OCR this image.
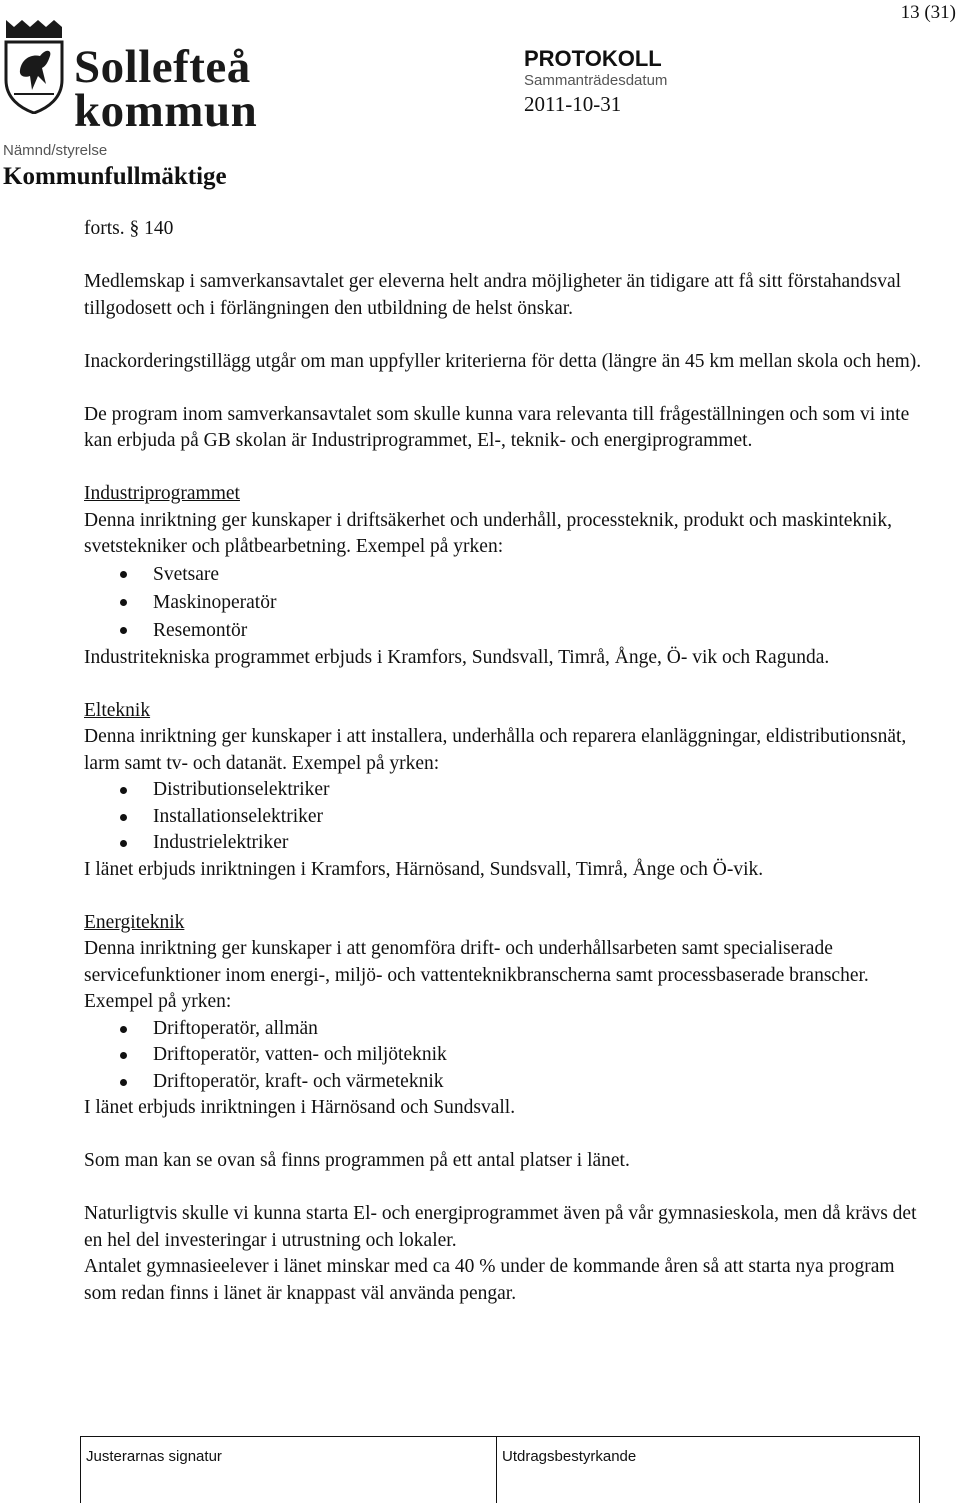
13 (31)
Sollefteå
kommun
PROTOKOLL
Sammanträdesdatum
2011-10-31
Nämnd/styrelse
Kommunfullmäktige

forts. § 140

Medlemskap i samverkansavtalet ger eleverna helt andra möjligheter än tidigare att få sitt förstahandsval tillgodosett och i förlängningen den utbildning de helst önskar.

Inackorderingstillägg utgår om man uppfyller kriterierna för detta (längre än 45 km mellan skola och hem).

De program inom samverkansavtalet som skulle kunna vara relevanta till frågeställningen och som vi inte kan erbjuda på GB skolan är Industriprogrammet, El-, teknik- och energiprogrammet.

Industriprogrammet

Denna inriktning ger kunskaper i driftsäkerhet och underhåll, processteknik, produkt och maskinteknik, svetstekniker och plåtbearbetning. Exempel på yrken:

Svetsare
Maskinoperatör
Resemontör

Industritekniska programmet erbjuds i Kramfors, Sundsvall, Timrå, Ånge, Ö- vik och Ragunda.

Elteknik

Denna inriktning ger kunskaper i att installera, underhålla och reparera elanläggningar, eldistributionsnät, larm samt tv- och datanät. Exempel på yrken:

Distributionselektriker
Installationselektriker
Industrielektriker

I länet erbjuds inriktningen i Kramfors, Härnösand, Sundsvall, Timrå, Ånge och Ö-vik.

Energiteknik

Denna inriktning ger kunskaper i att genomföra drift- och underhållsarbeten samt specialiserade servicefunktioner inom energi-, miljö- och vattenteknikbranscherna samt processbaserade branscher. Exempel på yrken:

Driftoperatör, allmän
Driftoperatör, vatten- och miljöteknik
Driftoperatör, kraft- och värmeteknik

I länet erbjuds inriktningen i Härnösand och Sundsvall.

Som man kan se ovan så finns programmen på ett antal platser i länet.

Naturligtvis skulle vi kunna starta El- och energiprogrammet även på vår gymnasieskola, men då krävs det en hel del investeringar i utrustning och lokaler.

Antalet gymnasieelever i länet minskar med ca 40 % under de kommande åren så att starta nya program som redan finns i länet är knappast väl använda pengar.

Justerarnas signatur	Utdragsbestyrkande
